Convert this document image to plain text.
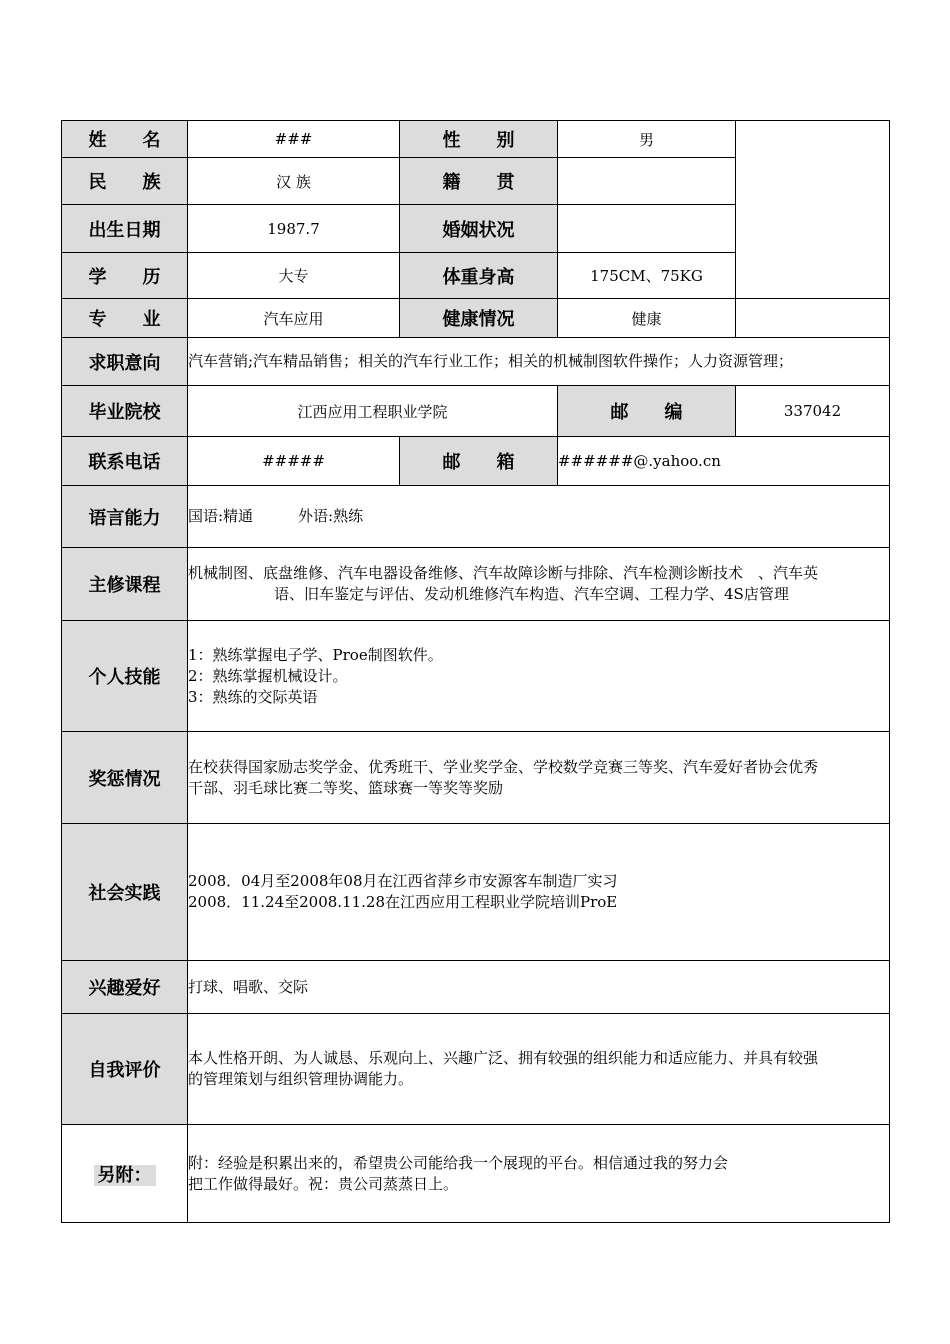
姓　　名	###	性　　别	男	
民　　族	汉 族	籍　　贯		
出生日期	1987.7	婚姻状况		
学　　历	大专	体重身高	175CM、75KG	
专　　业	汽车应用	健康情况	健康	
求职意向	汽车营销;汽车精品销售；相关的汽车行业工作；相关的机械制图软件操作；人力资源管理；			
毕业院校	江西应用工程职业学院		邮　　编	337042
联系电话	#####	邮　　箱	######@.yahoo.cn	
语言能力	国语:精通　　　外语:熟练			
主修课程	机械制图、底盘维修、汽车电器设备维修、汽车故障诊断与排除、汽车检测诊断技术　、汽车英
语、旧车鉴定与评估、发动机维修汽车构造、汽车空调、工程力学、4S店管理			

个人技能	1：熟练掌握电子学、Proe制图软件。
2：熟练掌握机械设计。
3：熟练的交际英语			

奖惩情况	在校获得国家励志奖学金、优秀班干、学业奖学金、学校数学竞赛三等奖、汽车爱好者协会优秀
干部、羽毛球比赛二等奖、篮球赛一等奖等奖励			

社会实践	2008．04月至2008年08月在江西省萍乡市安源客车制造厂实习
2008．11.24至2008.11.28在江西应用工程职业学院培训ProE			

兴趣爱好	打球、唱歌、交际			
自我评价	本人性格开朗、为人诚恳、乐观向上、兴趣广泛、拥有较强的组织能力和适应能力、并具有较强
的管理策划与组织管理协调能力。			

另附：	附：经验是积累出来的，希望贵公司能给我一个展现的平台。相信通过我的努力会
把工作做得最好。祝：贵公司蒸蒸日上。			
